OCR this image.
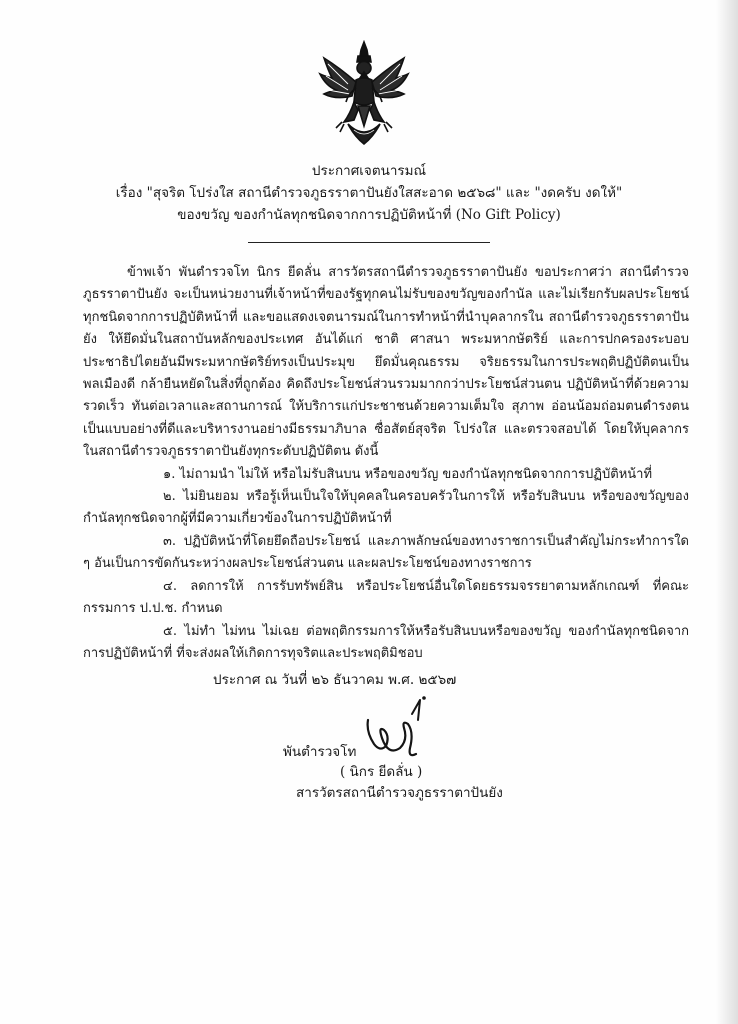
ประกาศเจตนารมณ์
เรื่อง "สุจริต โปร่งใส สถานีตำรวจภูธรราตาปันยังใสสะอาด ๒๕๖๘" และ "งดครับ งดให้"
ของขวัญ ของกำนัลทุกชนิดจากการปฏิบัติหน้าที่ (No Gift Policy)

ข้าพเจ้า พันตำรวจโท นิกร ยีดลั่น สารวัตรสถานีตำรวจภูธรราตาปันยัง ขอประกาศว่า สถานีตำรวจภูธรราตาปันยัง จะเป็นหน่วยงานที่เจ้าหน้าที่ของรัฐทุกคนไม่รับของขวัญของกำนัล และไม่เรียกรับผลประโยชน์ทุกชนิดจากการปฏิบัติหน้าที่ และขอแสดงเจตนารมณ์ในการทำหน้าที่นำบุคลากรใน สถานีตำรวจภูธรราตาปันยัง ให้ยึดมั่นในสถาบันหลักของประเทศ อันได้แก่ ชาติ ศาสนา พระมหากษัตริย์ และการปกครองระบอบประชาธิปไตยอันมีพระมหากษัตริย์ทรงเป็นประมุข ยึดมั่นคุณธรรม จริยธรรมในการประพฤติปฏิบัติตนเป็นพลเมืองดี กล้ายืนหยัดในสิ่งที่ถูกต้อง คิดถึงประโยชน์ส่วนรวมมากกว่าประโยชน์ส่วนตน ปฏิบัติหน้าที่ด้วยความรวดเร็ว ทันต่อเวลาและสถานการณ์ ให้บริการแก่ประชาชนด้วยความเต็มใจ สุภาพ อ่อนน้อมถ่อมตนดำรงตนเป็นแบบอย่างที่ดีและบริหารงานอย่างมีธรรมาภิบาล ซื่อสัตย์สุจริต โปร่งใส และตรวจสอบได้ โดยให้บุคลากรในสถานีตำรวจภูธรราตาปันยังทุกระดับปฏิบัติตน ดังนี้

๑. ไม่ถามนำ ไม่ให้ หรือไม่รับสินบน หรือของขวัญ ของกำนัลทุกชนิดจากการปฏิบัติหน้าที่

๒. ไม่ยินยอม หรือรู้เห็นเป็นใจให้บุคคลในครอบครัวในการให้ หรือรับสินบน หรือของขวัญของ กำนัลทุกชนิดจากผู้ที่มีความเกี่ยวข้องในการปฏิบัติหน้าที่

๓. ปฏิบัติหน้าที่โดยยึดถือประโยชน์ และภาพลักษณ์ของทางราชการเป็นสำคัญไม่กระทำการใด ๆ อันเป็นการขัดกันระหว่างผลประโยชน์ส่วนตน และผลประโยชน์ของทางราชการ

๔. ลดการให้ การรับทรัพย์สิน หรือประโยชน์อื่นใดโดยธรรมจรรยาตามหลักเกณฑ์ ที่คณะกรรมการ ป.ป.ช. กำหนด

๕. ไม่ทำ ไม่ทน ไม่เฉย ต่อพฤติกรรมการให้หรือรับสินบนหรือของขวัญ ของกำนัลทุกชนิดจาก การปฏิบัติหน้าที่ ที่จะส่งผลให้เกิดการทุจริตและประพฤติมิชอบ

ประกาศ ณ วันที่ ๒๖ ธันวาคม พ.ศ. ๒๕๖๗
พันตำรวจโท
( นิกร ยีดลั่น )
สารวัตรสถานีตำรวจภูธรราตาปันยัง
